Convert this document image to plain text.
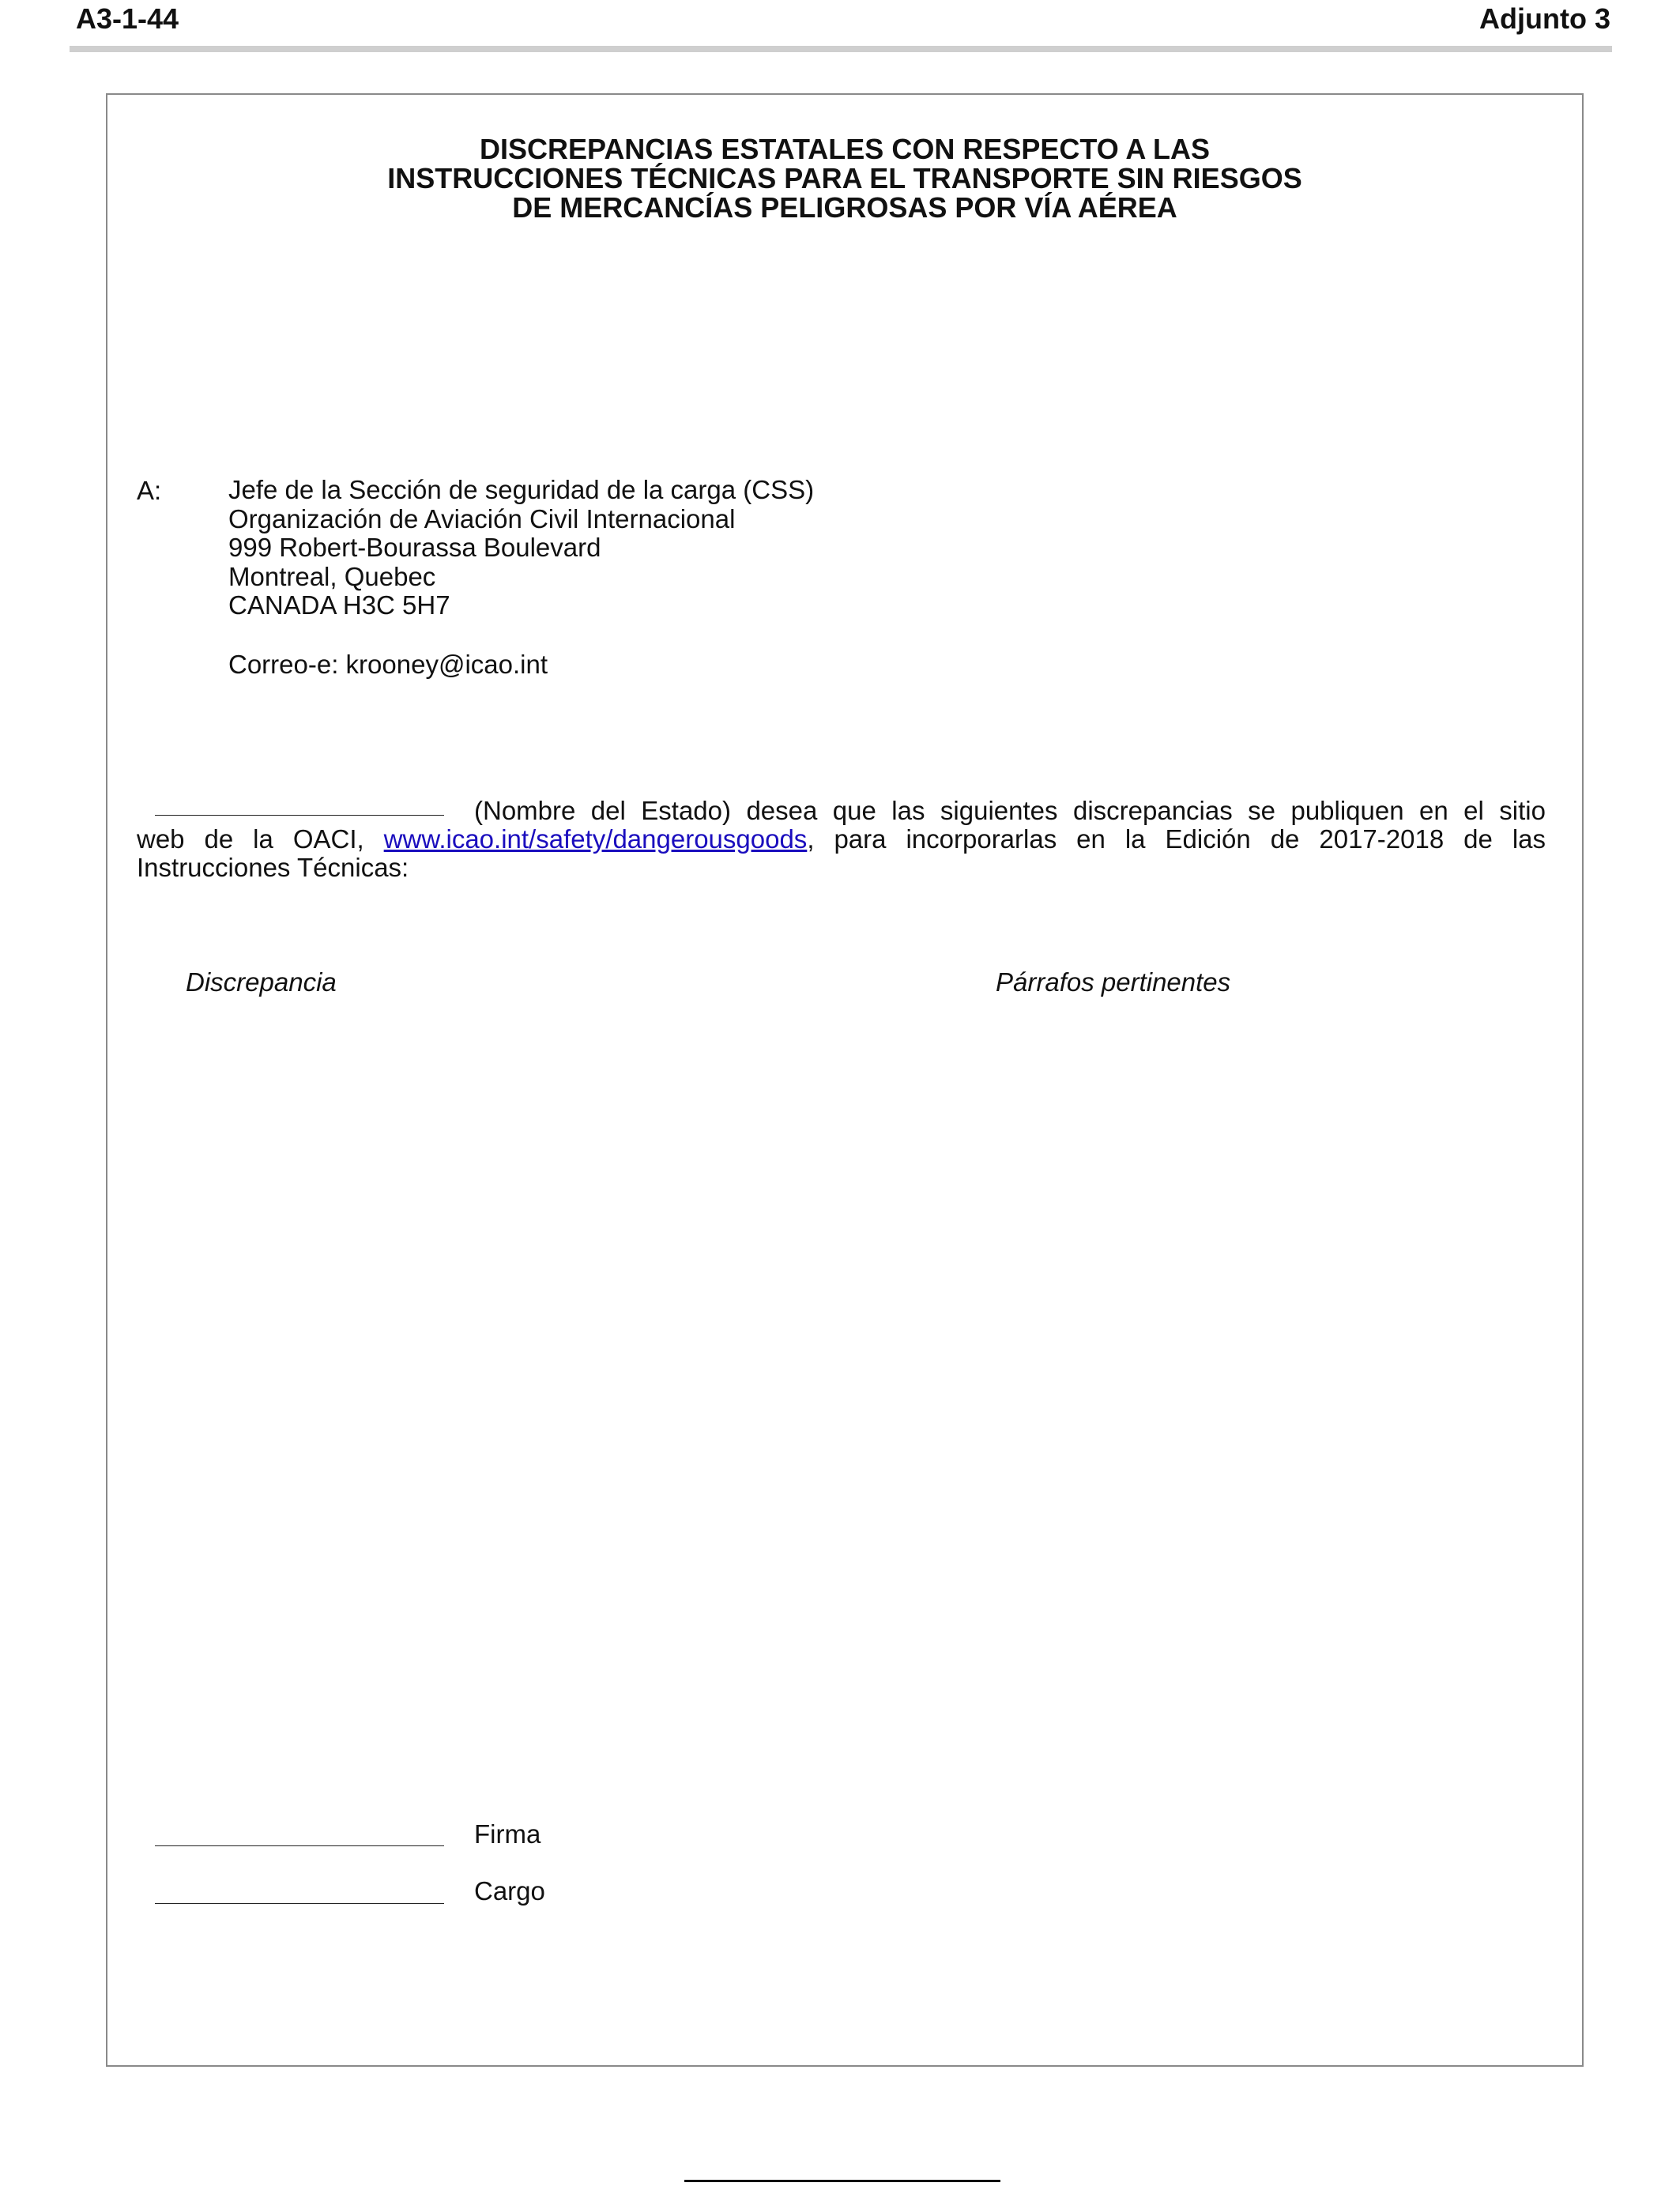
A3-1-44	Adjunto 3
DISCREPANCIAS ESTATALES CON RESPECTO A LAS
INSTRUCCIONES TÉCNICAS PARA EL TRANSPORTE SIN RIESGOS
DE MERCANCÍAS PELIGROSAS POR VÍA AÉREA
A:	Jefe de la Sección de seguridad de la carga (CSS)
Organización de Aviación Civil Internacional
999 Robert-Bourassa Boulevard
Montreal, Quebec
CANADA H3C 5H7
Correo-e: krooney@icao.int
(Nombre del Estado) desea que las siguientes discrepancias se publiquen en el sitio
web de la OACI, www.icao.int/safety/dangerousgoods, para incorporarlas en la Edición de 2017-2018 de las
Instrucciones Técnicas:
Discrepancia	Párrafos pertinentes
Firma
Cargo
